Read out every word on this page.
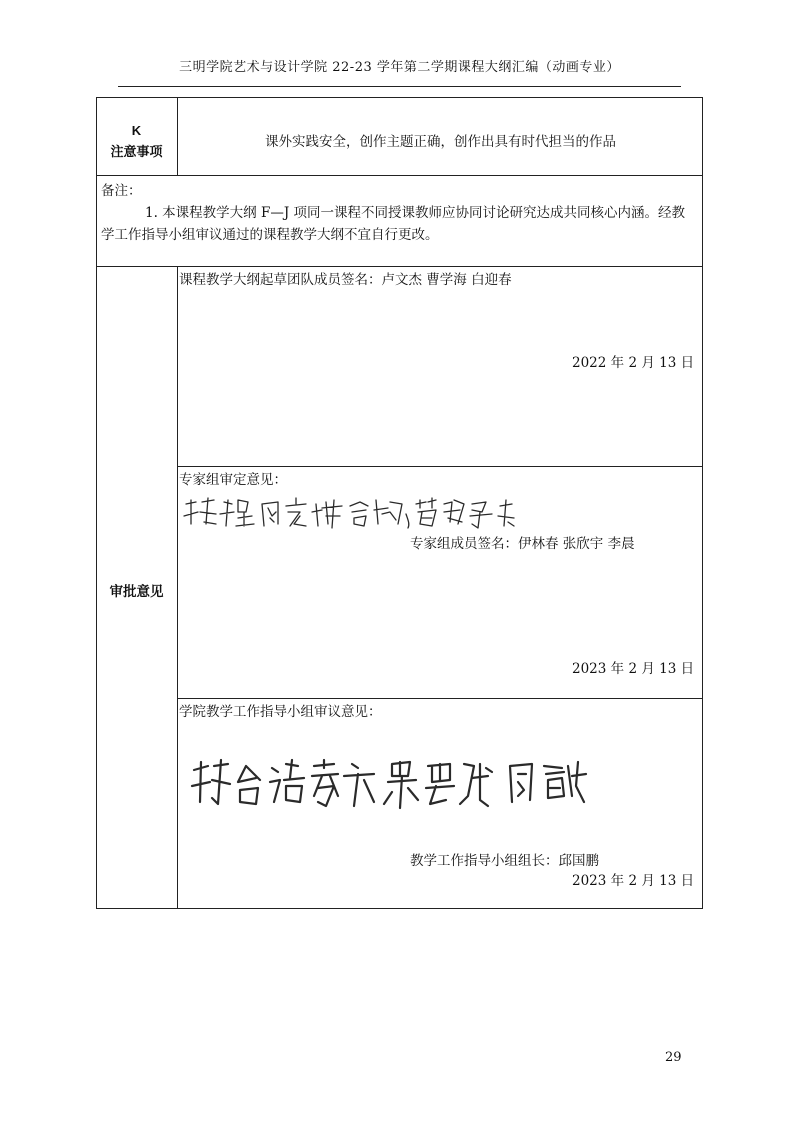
三明学院艺术与设计学院 22-23 学年第二学期课程大纲汇编（动画专业）
K
注意事项
课外实践安全，创作主题正确，创作出具有时代担当的作品
备注：
1. 本课程教学大纲 F—J 项同一课程不同授课教师应协同讨论研究达成共同核心内涵。经教
学工作指导小组审议通过的课程教学大纲不宜自行更改。
审批意见
课程教学大纲起草团队成员签名：卢文杰 曹学海 白迎春
2022 年 2 月 13 日
专家组审定意见：
专家组成员签名：伊林春 张欣宇 李晨
2023 年 2 月 13 日
学院教学工作指导小组审议意见：
教学工作指导小组组长：邱国鹏
2023 年 2 月 13 日
29
